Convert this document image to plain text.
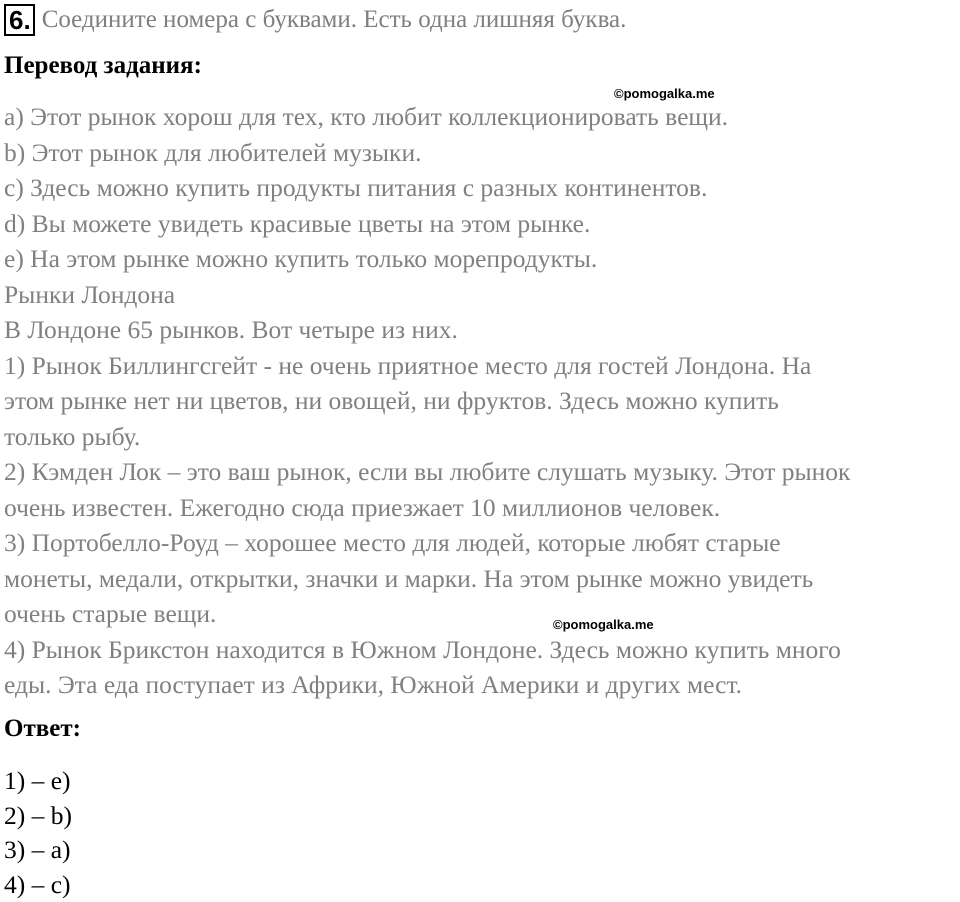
6. Соедините номера с буквами. Есть одна лишняя буква.
Перевод задания:
©pomogalka.me
а) Этот рынок хорош для тех, кто любит коллекционировать вещи.
b) Этот рынок для любителей музыки.
с) Здесь можно купить продукты питания с разных континентов.
d) Вы можете увидеть красивые цветы на этом рынке.
е) На этом рынке можно купить только морепродукты.
Рынки Лондона
В Лондоне 65 рынков. Вот четыре из них.
1) Рынок Биллингсгейт - не очень приятное место для гостей Лондона. На
этом рынке нет ни цветов, ни овощей, ни фруктов. Здесь можно купить
только рыбу.
2) Кэмден Лок – это ваш рынок, если вы любите слушать музыку. Этот рынок
очень известен. Ежегодно сюда приезжает 10 миллионов человек.
3) Портобелло-Роуд – хорошее место для людей, которые любят старые
монеты, медали, открытки, значки и марки. На этом рынке можно увидеть
очень старые вещи.
4) Рынок Брикстон находится в Южном Лондоне. Здесь можно купить много
еды. Эта еда поступает из Африки, Южной Америки и других мест.
©pomogalka.me
Ответ:
1) – е)
2) – b)
3) – а)
4) – с)
